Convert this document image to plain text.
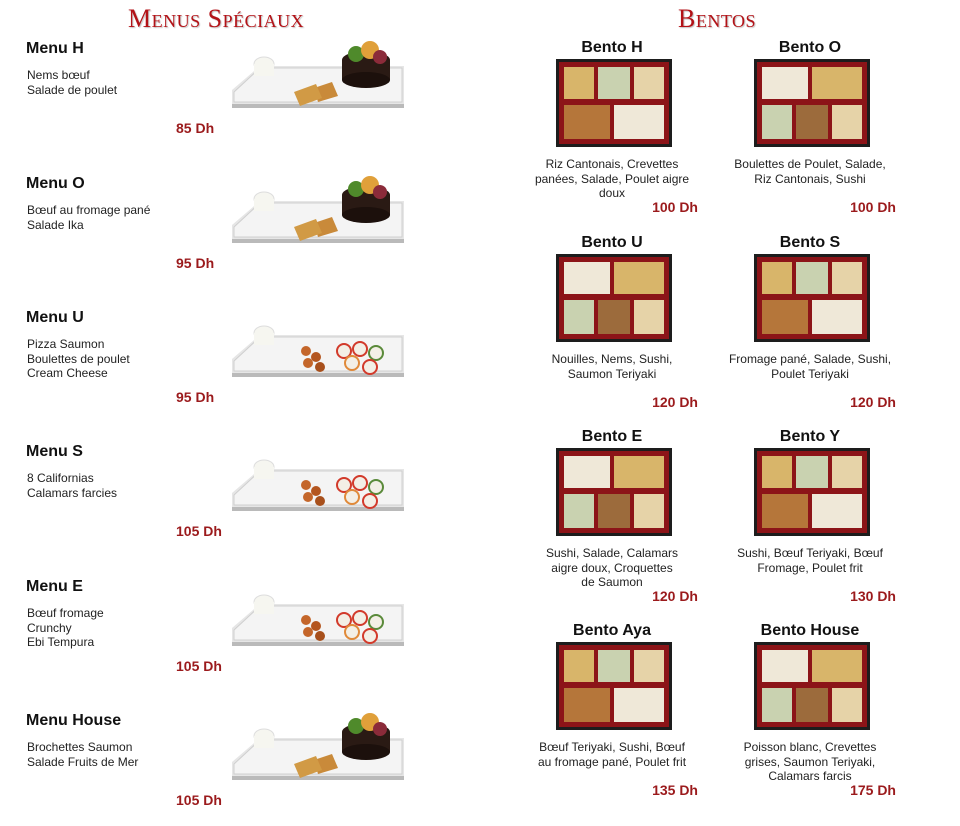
Menus Spéciaux	Bentos
Menu H
Nems bœuf
Salade de poulet
85 Dh
Menu O
Bœuf au fromage pané
Salade Ika
95 Dh
Menu U
Pizza Saumon
Boulettes de poulet
Cream Cheese
95 Dh
Menu S
8 Californias
Calamars farcies
105 Dh
Menu E
Bœuf fromage
Crunchy
Ebi Tempura
105 Dh
Menu House
Brochettes Saumon
Salade Fruits de Mer
105 Dh
Bento H
Riz Cantonais, Crevettes
panées, Salade, Poulet aigre
doux
100 Dh
Bento O
Boulettes de Poulet, Salade,
Riz Cantonais, Sushi
100 Dh
Bento U
Nouilles, Nems, Sushi,
Saumon Teriyaki
120 Dh
Bento S
Fromage pané, Salade, Sushi,
Poulet Teriyaki
120 Dh
Bento E
Sushi, Salade, Calamars
aigre doux, Croquettes
de Saumon
120 Dh
Bento Y
Sushi, Bœuf Teriyaki, Bœuf
Fromage, Poulet frit
130 Dh
Bento Aya
Bœuf Teriyaki, Sushi, Bœuf
au fromage pané, Poulet frit
135 Dh
Bento House
Poisson blanc, Crevettes
grises, Saumon Teriyaki,
Calamars farcis
175 Dh
